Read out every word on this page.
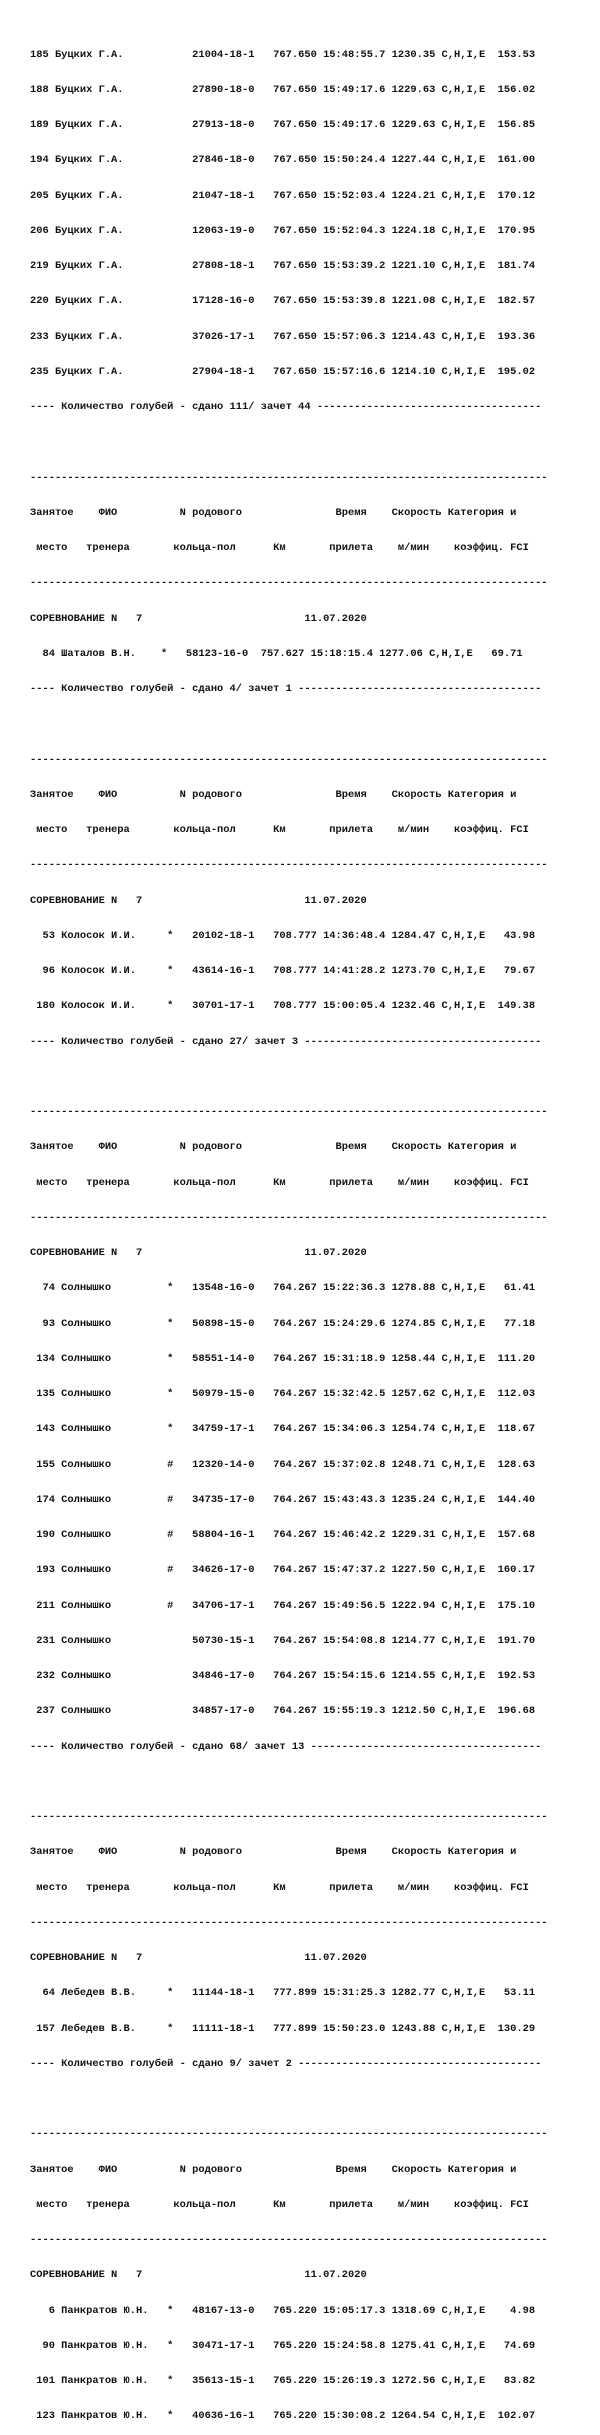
185 Буцких Г.А.           21004-18-1   767.650 15:48:55.7 1230.35 C,H,I,E  153.53

188 Буцких Г.А.           27890-18-0   767.650 15:49:17.6 1229.63 C,H,I,E  156.02

189 Буцких Г.А.           27913-18-0   767.650 15:49:17.6 1229.63 C,H,I,E  156.85

194 Буцких Г.А.           27846-18-0   767.650 15:50:24.4 1227.44 C,H,I,E  161.00

205 Буцких Г.А.           21047-18-1   767.650 15:52:03.4 1224.21 C,H,I,E  170.12

206 Буцких Г.А.           12063-19-0   767.650 15:52:04.3 1224.18 C,H,I,E  170.95

219 Буцких Г.А.           27808-18-1   767.650 15:53:39.2 1221.10 C,H,I,E  181.74

220 Буцких Г.А.           17128-16-0   767.650 15:53:39.8 1221.08 C,H,I,E  182.57

233 Буцких Г.А.           37026-17-1   767.650 15:57:06.3 1214.43 C,H,I,E  193.36

235 Буцких Г.А.           27904-18-1   767.650 15:57:16.6 1214.10 C,H,I,E  195.02

---- Количество голубей - сдано 111/ зачет 44 ------------------------------------

-----------------------------------------------------------------------------------

Занятое    ФИО          N родового               Время    Скорость Категория и

место   тренера       кольца-пол      Км       прилета    м/мин    коэффиц. FCI

-----------------------------------------------------------------------------------

СОРЕВНОВАНИЕ N   7                          11.07.2020

84 Шаталов В.Н.    *   58123-16-0  757.627 15:18:15.4 1277.06 C,H,I,E   69.71

---- Количество голубей - сдано 4/ зачет 1 ---------------------------------------

-----------------------------------------------------------------------------------

Занятое    ФИО          N родового               Время    Скорость Категория и

место   тренера       кольца-пол      Км       прилета    м/мин    коэффиц. FCI

-----------------------------------------------------------------------------------

СОРЕВНОВАНИЕ N   7                          11.07.2020

53 Колосок И.И.     *   20102-18-1   708.777 14:36:48.4 1284.47 C,H,I,E   43.98

96 Колосок И.И.     *   43614-16-1   708.777 14:41:28.2 1273.70 C,H,I,E   79.67

180 Колосок И.И.     *   30701-17-1   708.777 15:00:05.4 1232.46 C,H,I,E  149.38

---- Количество голубей - сдано 27/ зачет 3 --------------------------------------

-----------------------------------------------------------------------------------

Занятое    ФИО          N родового               Время    Скорость Категория и

место   тренера       кольца-пол      Км       прилета    м/мин    коэффиц. FCI

-----------------------------------------------------------------------------------

СОРЕВНОВАНИЕ N   7                          11.07.2020

74 Солнышко         *   13548-16-0   764.267 15:22:36.3 1278.88 C,H,I,E   61.41

93 Солнышко         *   50898-15-0   764.267 15:24:29.6 1274.85 C,H,I,E   77.18

134 Солнышко         *   58551-14-0   764.267 15:31:18.9 1258.44 C,H,I,E  111.20

135 Солнышко         *   50979-15-0   764.267 15:32:42.5 1257.62 C,H,I,E  112.03

143 Солнышко         *   34759-17-1   764.267 15:34:06.3 1254.74 C,H,I,E  118.67

155 Солнышко         #   12320-14-0   764.267 15:37:02.8 1248.71 C,H,I,E  128.63

174 Солнышко         #   34735-17-0   764.267 15:43:43.3 1235.24 C,H,I,E  144.40

190 Солнышко         #   58804-16-1   764.267 15:46:42.2 1229.31 C,H,I,E  157.68

193 Солнышко         #   34626-17-0   764.267 15:47:37.2 1227.50 C,H,I,E  160.17

211 Солнышко         #   34706-17-1   764.267 15:49:56.5 1222.94 C,H,I,E  175.10

231 Солнышко             50730-15-1   764.267 15:54:08.8 1214.77 C,H,I,E  191.70

232 Солнышко             34846-17-0   764.267 15:54:15.6 1214.55 C,H,I,E  192.53

237 Солнышко             34857-17-0   764.267 15:55:19.3 1212.50 C,H,I,E  196.68

---- Количество голубей - сдано 68/ зачет 13 -------------------------------------

-----------------------------------------------------------------------------------

Занятое    ФИО          N родового               Время    Скорость Категория и

место   тренера       кольца-пол      Км       прилета    м/мин    коэффиц. FCI

-----------------------------------------------------------------------------------

СОРЕВНОВАНИЕ N   7                          11.07.2020

64 Лебедев В.В.     *   11144-18-1   777.899 15:31:25.3 1282.77 C,H,I,E   53.11

157 Лебедев В.В.     *   11111-18-1   777.899 15:50:23.0 1243.88 C,H,I,E  130.29

---- Количество голубей - сдано 9/ зачет 2 ---------------------------------------

-----------------------------------------------------------------------------------

Занятое    ФИО          N родового               Время    Скорость Категория и

место   тренера       кольца-пол      Км       прилета    м/мин    коэффиц. FCI

-----------------------------------------------------------------------------------

СОРЕВНОВАНИЕ N   7                          11.07.2020

6 Панкратов Ю.Н.   *   48167-13-0   765.220 15:05:17.3 1318.69 C,H,I,E    4.98

90 Панкратов Ю.Н.   *   30471-17-1   765.220 15:24:58.8 1275.41 C,H,I,E   74.69

101 Панкратов Ю.Н.   *   35613-15-1   765.220 15:26:19.3 1272.56 C,H,I,E   83.82

123 Панкратов Ю.Н.   *   40636-16-1   765.220 15:30:08.2 1264.54 C,H,I,E  102.07
